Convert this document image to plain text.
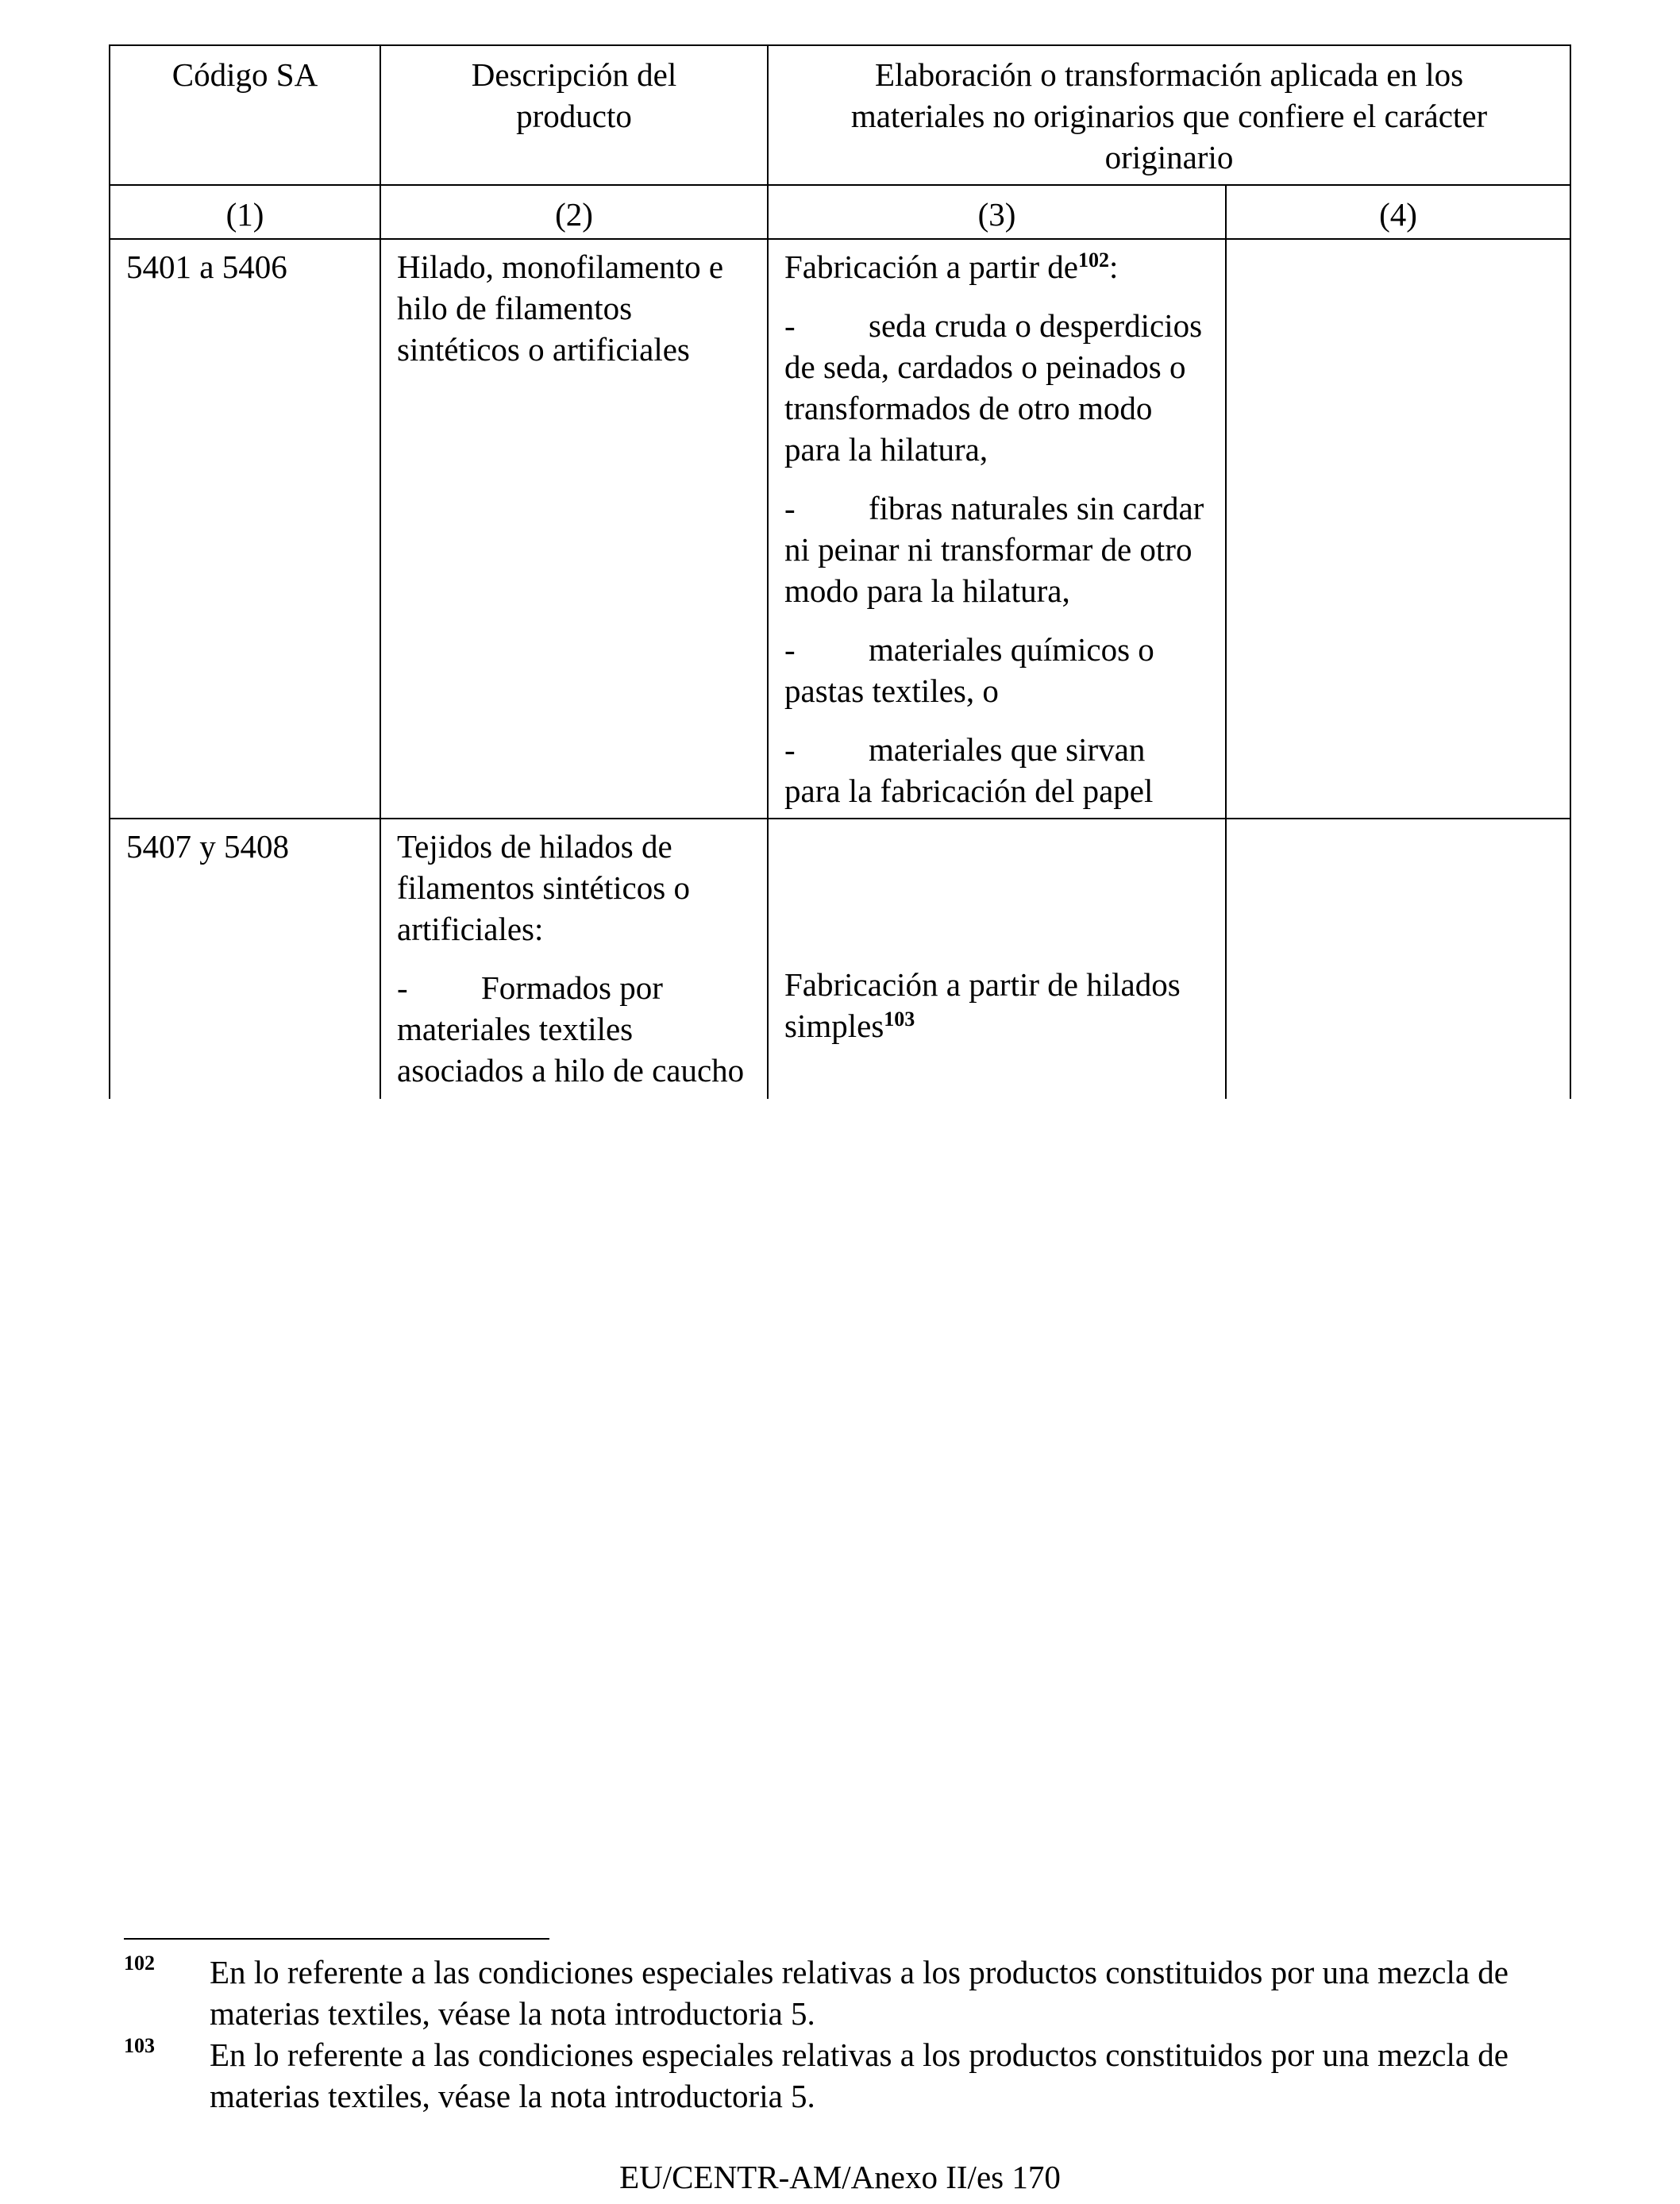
Código SA	Descripción del producto	Elaboración o transformación aplicada en los materiales no originarios que confiere el carácter originario	

(1)	(2)	(3)	(4)

5401 a 5406	Hilado, monofilamento e hilo de filamentos sintéticos o artificiales	Fabricación a partir $de^{102}$:

- seda cruda o desperdicios de seda, cardados o peinados o transformados de otro modo para la hilatura,

- fibras naturales sin cardar ni peinar ni transformar de otro modo para la hilatura,

- materiales químicos o pastas textiles, o

- materiales que sirvan para la fabricación del papel	

5407 y 5408	Tejidos de hilados de filamentos sintéticos o artificiales:

- Formados por materiales textiles asociados a hilo de caucho	Fabricación a partir de hilados simples$^{103}$

102 En lo referente a las condiciones especiales relativas a los productos constituidos por una mezcla de materias textiles, véase la nota introductoria 5.
103 En lo referente a las condiciones especiales relativas a los productos constituidos por una mezcla de materias textiles, véase la nota introductoria 5.
EU/CENTR-AM/Anexo II/es 170
